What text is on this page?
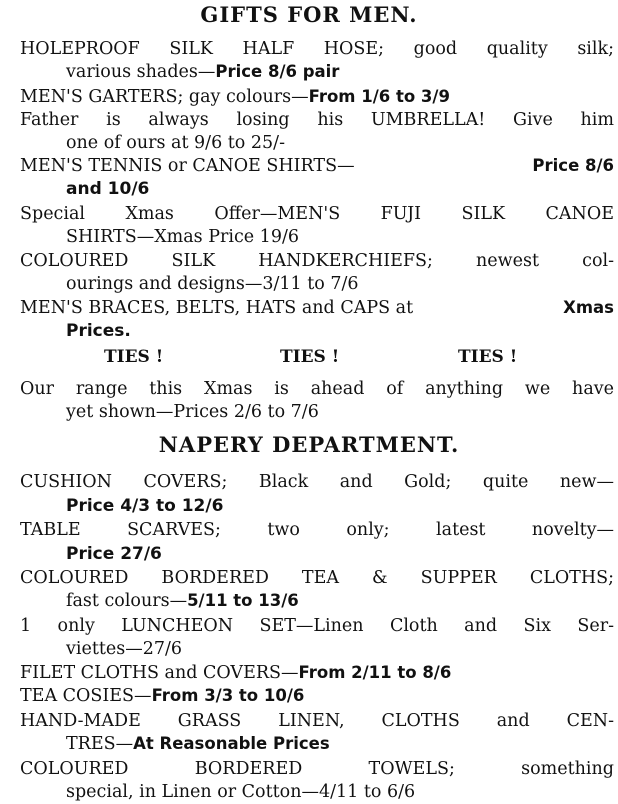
GIFTS FOR MEN.
HOLEPROOF SILK HALF HOSE; good quality silk;
various shades—Price 8/6 pair
MEN'S GARTERS; gay colours—From 1/6 to 3/9
Father is always losing his UMBRELLA! Give him
one of ours at 9/6 to 25/-
MEN'S TENNIS or CANOE SHIRTS—	Price 8/6
and 10/6
Special Xmas Offer—MEN'S FUJI SILK CANOE
SHIRTS—Xmas Price 19/6
COLOURED SILK HANDKERCHIEFS; newest col-
ourings and designs—3/11 to 7/6
MEN'S BRACES, BELTS, HATS and CAPS at	Xmas
Prices.
TIES !	TIES !	TIES !
Our range this Xmas is ahead of anything we have
yet shown—Prices 2/6 to 7/6
NAPERY DEPARTMENT.
CUSHION COVERS; Black and Gold; quite new—
Price 4/3 to 12/6
TABLE SCARVES; two only; latest novelty—
Price 27/6
COLOURED BORDERED TEA & SUPPER CLOTHS;
fast colours—5/11 to 13/6
1 only LUNCHEON SET—Linen Cloth and Six Ser-
viettes—27/6
FILET CLOTHS and COVERS—From 2/11 to 8/6
TEA COSIES—From 3/3 to 10/6
HAND-MADE GRASS LINEN, CLOTHS and CEN-
TRES—At Reasonable Prices
COLOURED BORDERED TOWELS; something
special, in Linen or Cotton—4/11 to 6/6
